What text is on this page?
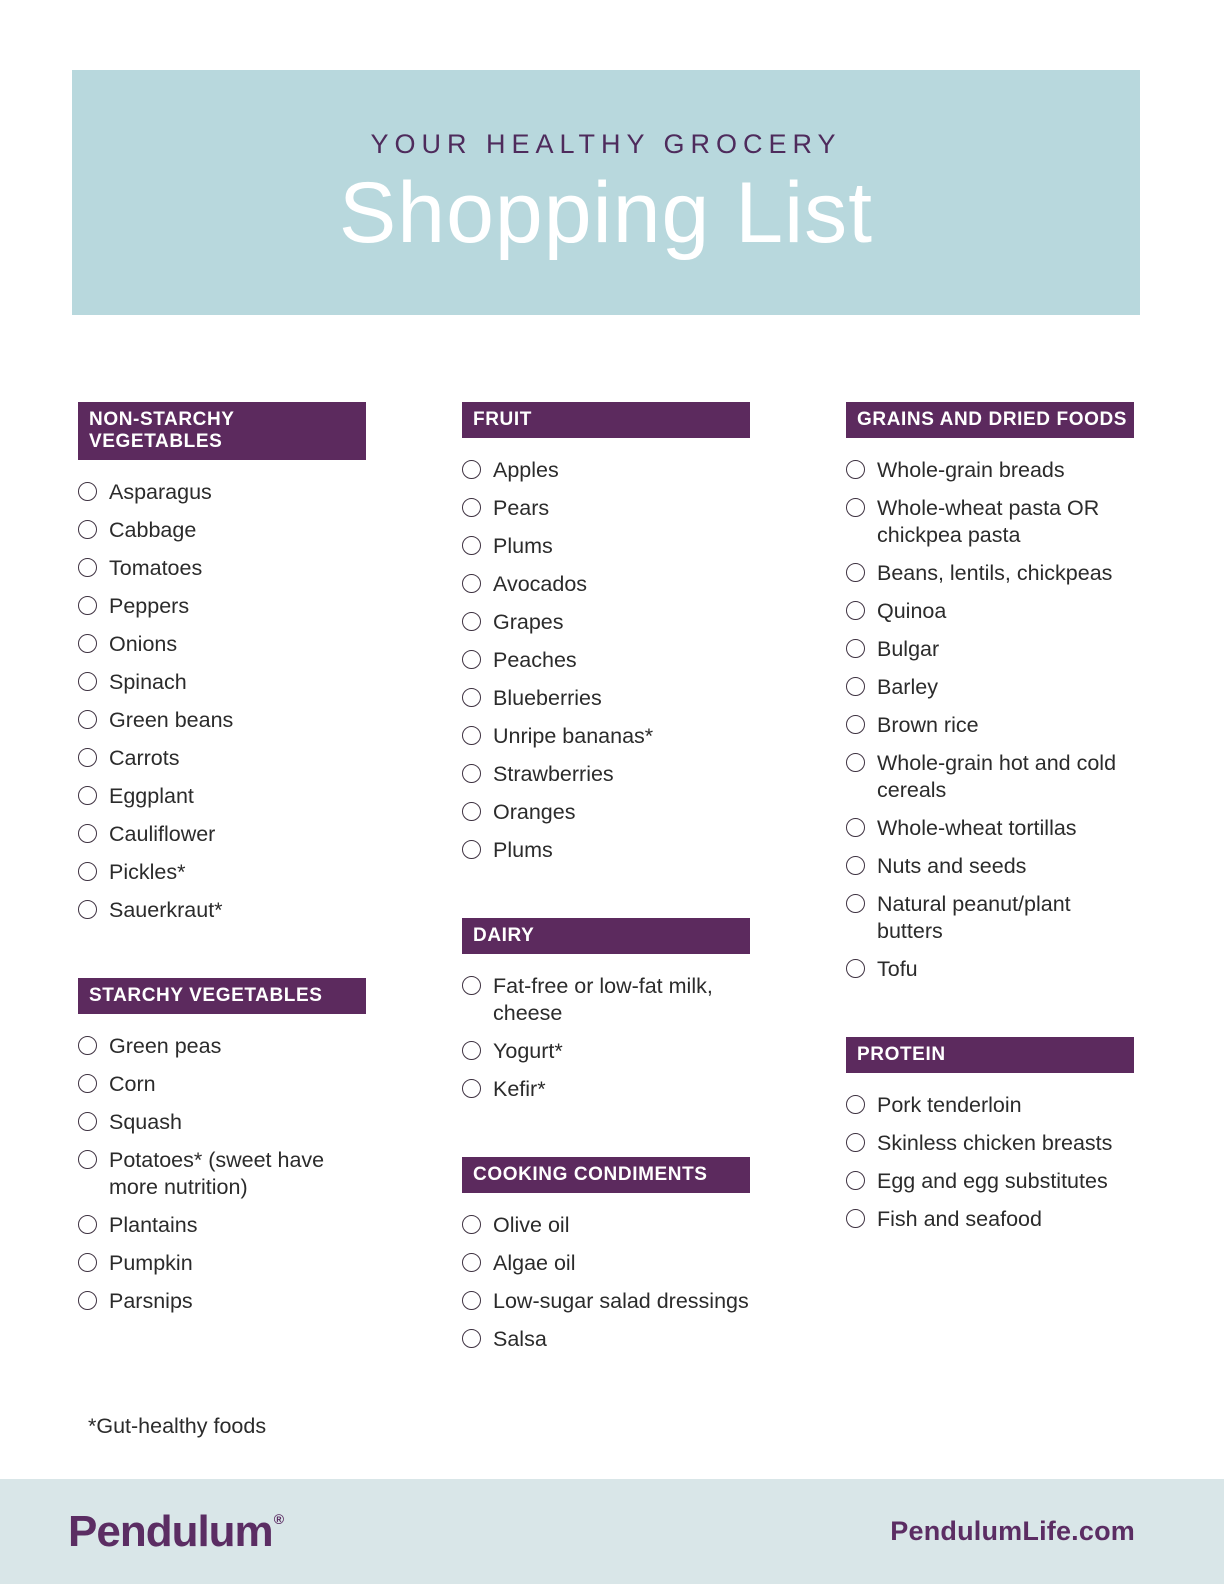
YOUR HEALTHY GROCERY
Shopping List
NON-STARCHY VEGETABLES
Asparagus
Cabbage
Tomatoes
Peppers
Onions
Spinach
Green beans
Carrots
Eggplant
Cauliflower
Pickles*
Sauerkraut*
STARCHY VEGETABLES
Green peas
Corn
Squash
Potatoes* (sweet have more nutrition)
Plantains
Pumpkin
Parsnips
FRUIT
Apples
Pears
Plums
Avocados
Grapes
Peaches
Blueberries
Unripe bananas*
Strawberries
Oranges
Plums
DAIRY
Fat-free or low-fat milk, cheese
Yogurt*
Kefir*
COOKING CONDIMENTS
Olive oil
Algae oil
Low-sugar salad dressings
Salsa
GRAINS AND DRIED FOODS
Whole-grain breads
Whole-wheat pasta OR chickpea pasta
Beans, lentils, chickpeas
Quinoa
Bulgar
Barley
Brown rice
Whole-grain hot and cold cereals
Whole-wheat tortillas
Nuts and seeds
Natural peanut/plant butters
Tofu
PROTEIN
Pork tenderloin
Skinless chicken breasts
Egg and egg substitutes
Fish and seafood
*Gut-healthy foods
Pendulum ®	PendulumLife.com
